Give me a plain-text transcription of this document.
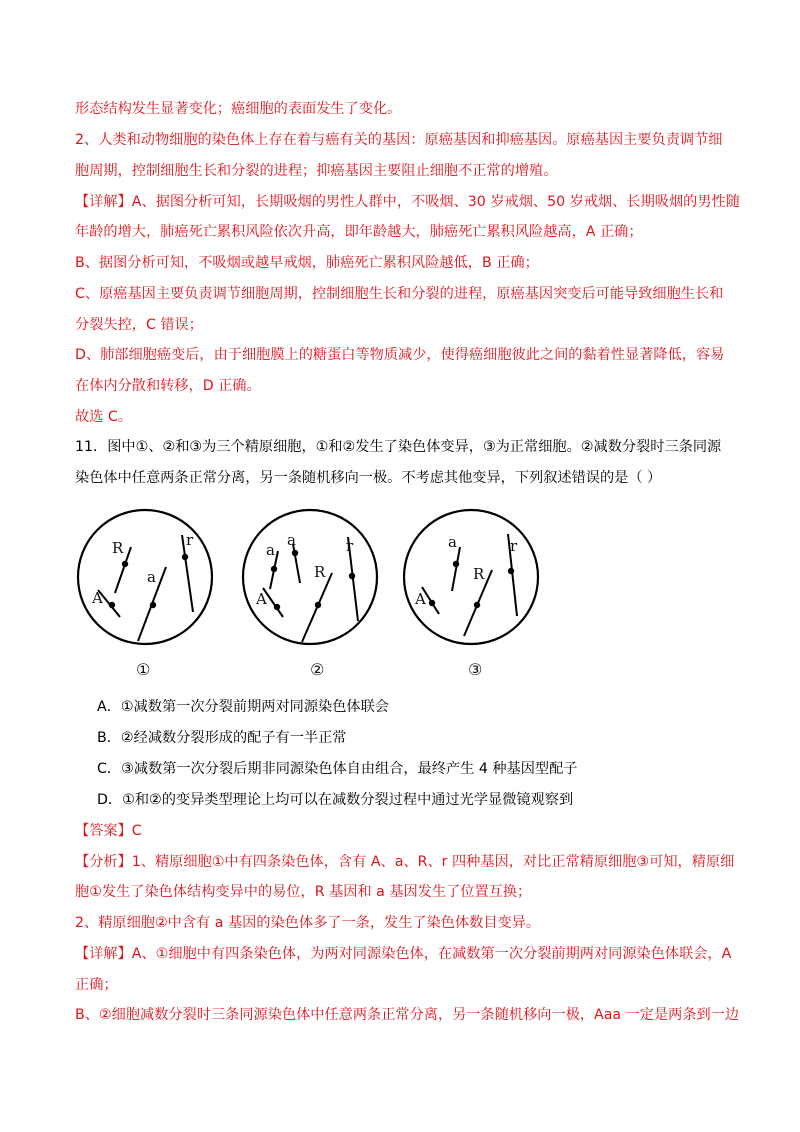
形态结构发生显著变化；癌细胞的表面发生了变化。
2、人类和动物细胞的染色体上存在着与癌有关的基因：原癌基因和抑癌基因。原癌基因主要负责调节细
胞周期，控制细胞生长和分裂的进程；抑癌基因主要阻止细胞不正常的增殖。
【详解】A、据图分析可知，长期吸烟的男性人群中，不吸烟、30 岁戒烟、50 岁戒烟、长期吸烟的男性随
年龄的增大，肺癌死亡累积风险依次升高，即年龄越大，肺癌死亡累积风险越高，A 正确；
B、据图分析可知，不吸烟或越早戒烟，肺癌死亡累积风险越低，B 正确；
C、原癌基因主要负责调节细胞周期，控制细胞生长和分裂的进程，原癌基因突变后可能导致细胞生长和
分裂失控，C 错误；
D、肺部细胞癌变后，由于细胞膜上的糖蛋白等物质减少，使得癌细胞彼此之间的黏着性显著降低，容易
在体内分散和转移，D 正确。
故选 C。
11．图中①、②和③为三个精原细胞，①和②发生了染色体变异，③为正常细胞。②减数分裂时三条同源
染色体中任意两条正常分离，另一条随机移向一极。不考虑其他变异，下列叙述错误的是（ ）
R
a
A
r
①
a
a
R
A
r
②
a
R
A
r
③
A．①减数第一次分裂前期两对同源染色体联会
B．②经减数分裂形成的配子有一半正常
C．③减数第一次分裂后期非同源染色体自由组合，最终产生 4 种基因型配子
D．①和②的变异类型理论上均可以在减数分裂过程中通过光学显微镜观察到
【答案】C
【分析】1、精原细胞①中有四条染色体，含有 A、a、R、r 四种基因，对比正常精原细胞③可知，精原细
胞①发生了染色体结构变异中的易位，R 基因和 a 基因发生了位置互换；
2、精原细胞②中含有 a 基因的染色体多了一条，发生了染色体数目变异。
【详解】A、①细胞中有四条染色体，为两对同源染色体，在减数第一次分裂前期两对同源染色体联会，A
正确；
B、②细胞减数分裂时三条同源染色体中任意两条正常分离，另一条随机移向一极，Aaa 一定是两条到一边
